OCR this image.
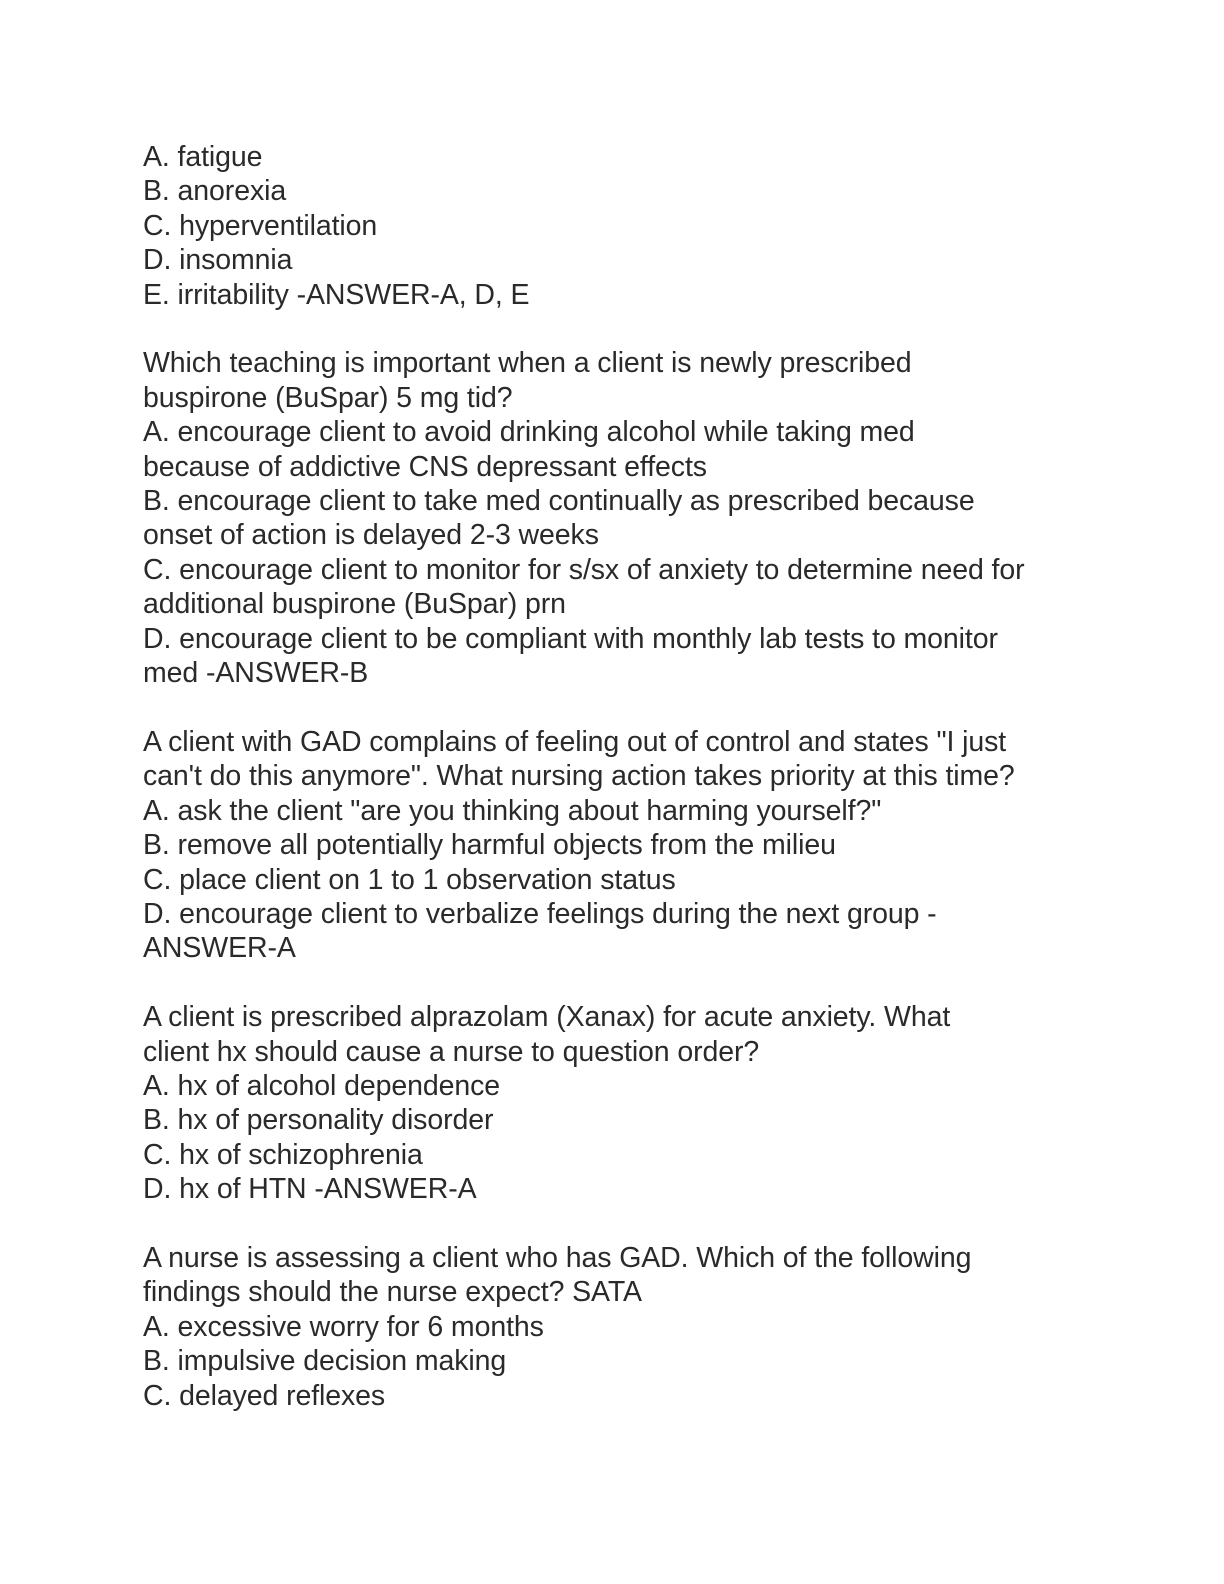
A. fatigue
B. anorexia
C. hyperventilation
D. insomnia
E. irritability -ANSWER-A, D, E
Which teaching is important when a client is newly prescribed
buspirone (BuSpar) 5 mg tid?
A. encourage client to avoid drinking alcohol while taking med
because of addictive CNS depressant effects
B. encourage client to take med continually as prescribed because
onset of action is delayed 2-3 weeks
C. encourage client to monitor for s/sx of anxiety to determine need for
additional buspirone (BuSpar) prn
D. encourage client to be compliant with monthly lab tests to monitor
med -ANSWER-B
A client with GAD complains of feeling out of control and states "I just
can't do this anymore". What nursing action takes priority at this time?
A. ask the client "are you thinking about harming yourself?"
B. remove all potentially harmful objects from the milieu
C. place client on 1 to 1 observation status
D. encourage client to verbalize feelings during the next group -
ANSWER-A
A client is prescribed alprazolam (Xanax) for acute anxiety. What
client hx should cause a nurse to question order?
A. hx of alcohol dependence
B. hx of personality disorder
C. hx of schizophrenia
D. hx of HTN -ANSWER-A
A nurse is assessing a client who has GAD. Which of the following
findings should the nurse expect? SATA
A. excessive worry for 6 months
B. impulsive decision making
C. delayed reflexes
